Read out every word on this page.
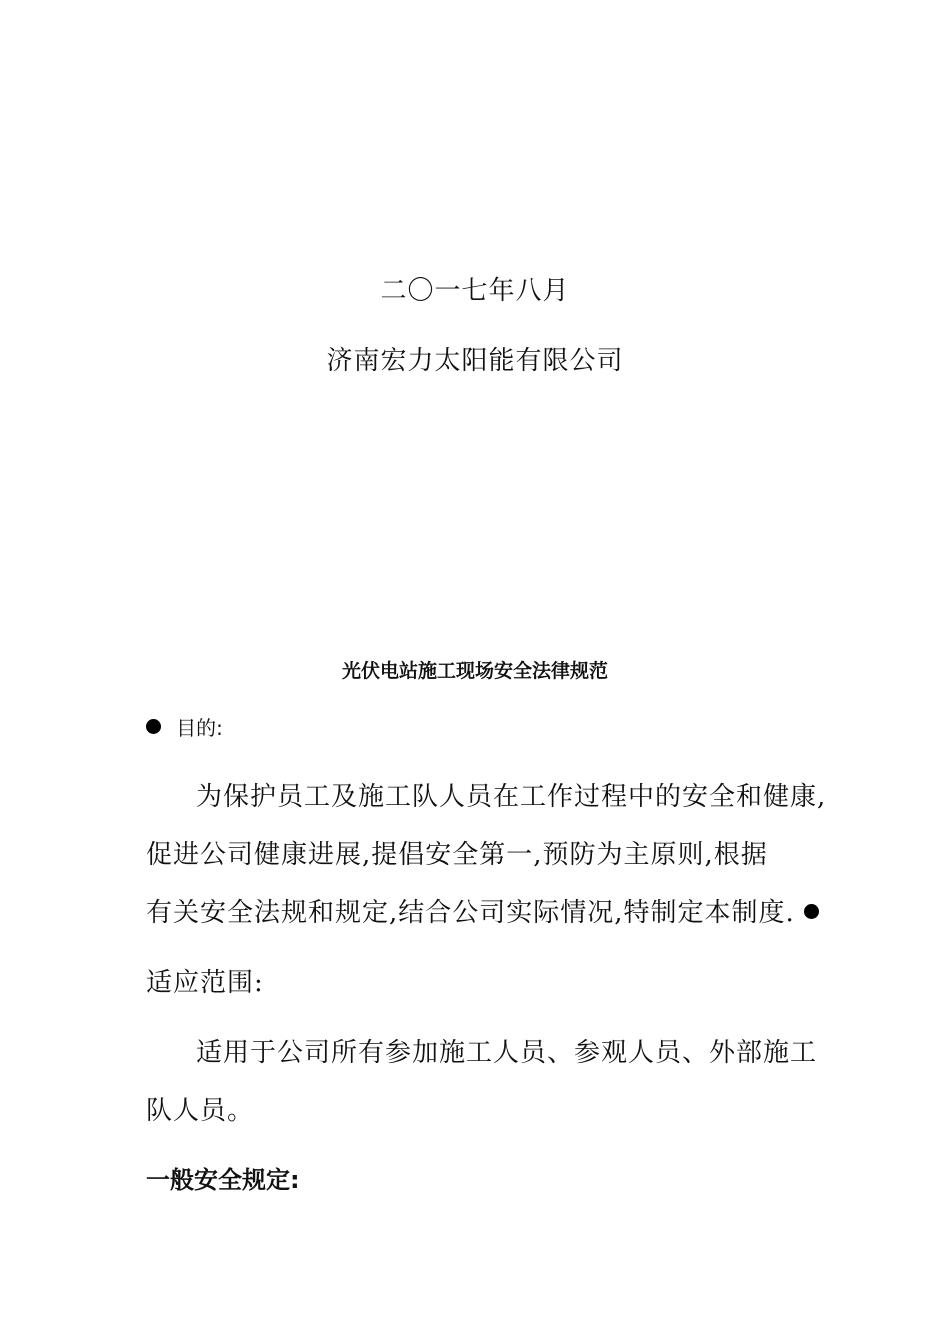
二〇一七年八月
济南宏力太阳能有限公司
光伏电站施工现场安全法律规范
目的:
为保护员工及施工队人员在工作过程中的安全和健康,
促进公司健康进展,提倡安全第一,预防为主原则,根据
有关安全法规和规定,结合公司实际情况,特制定本制度.
适应范围:
适用于公司所有参加施工人员、参观人员、外部施工
队人员。
一般安全规定:
